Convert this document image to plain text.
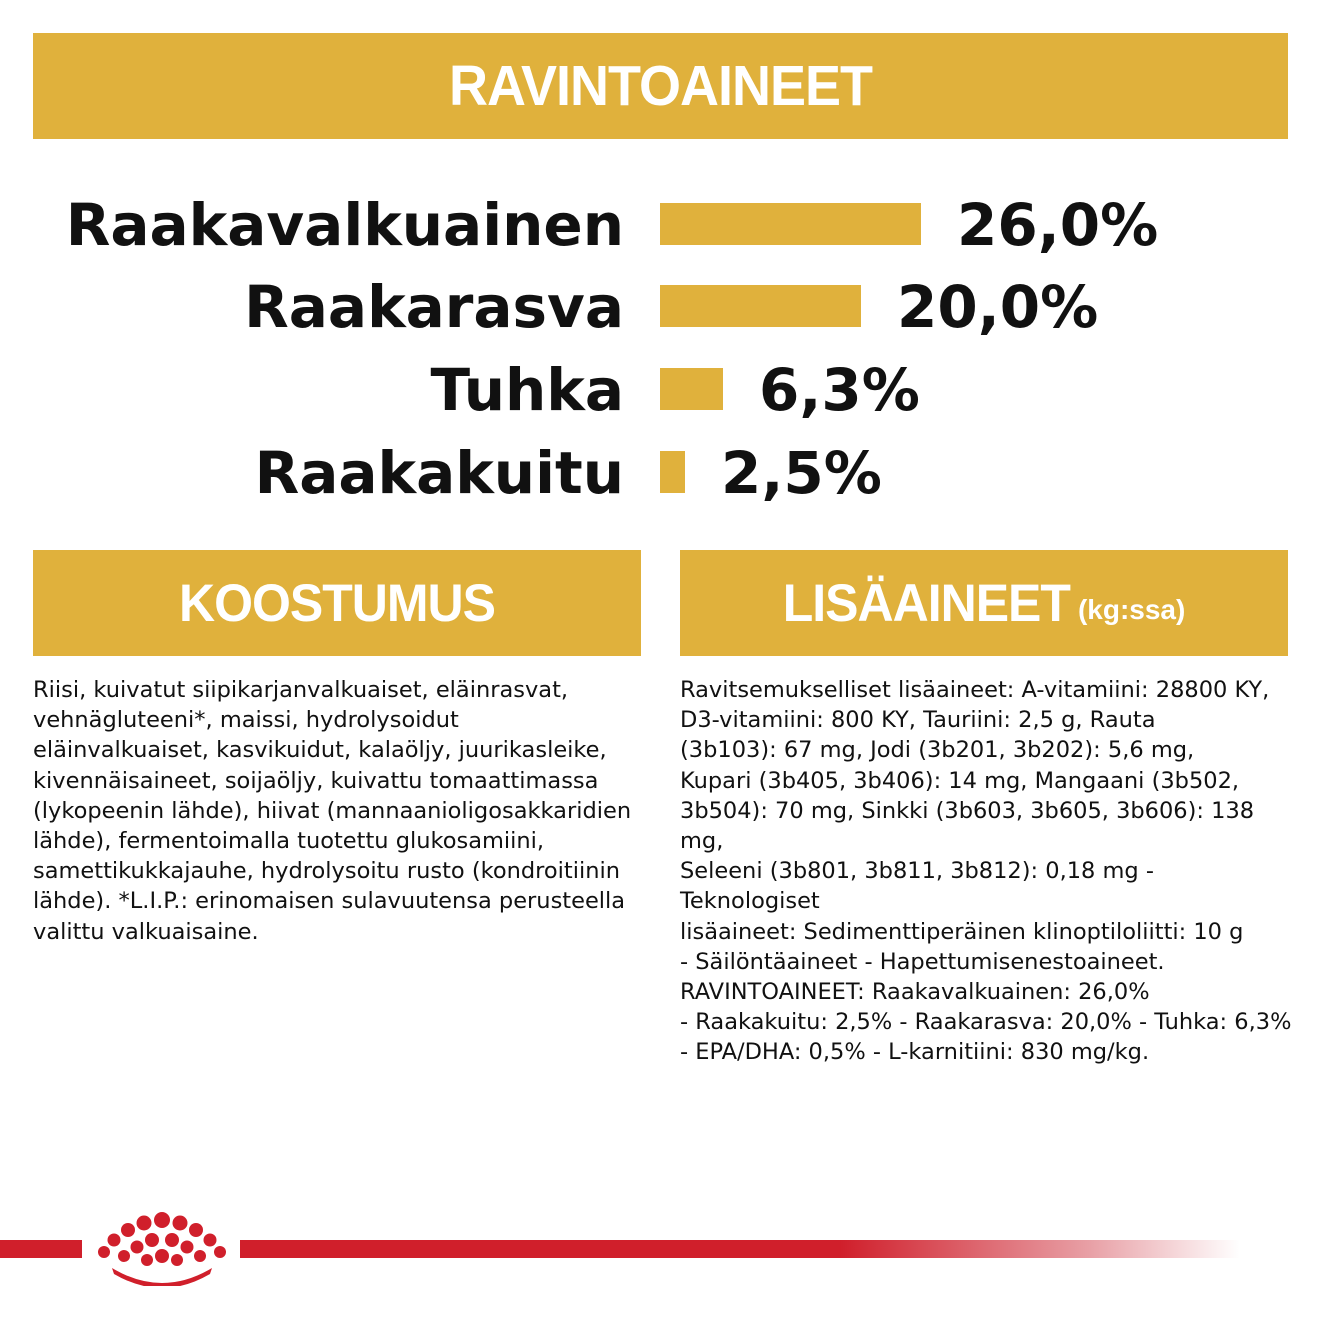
RAVINTOAINEET
Raakavalkuainen	26,0%
Raakarasva	20,0%
Tuhka 6,3%
Raakakuitu 2,5%
KOOSTUMUS	LISÄAINEET (kg:ssa)
Riisi, kuivatut siipikarjanvalkuaiset, eläinrasvat,
vehnägluteeni*, maissi, hydrolysoidut
eläinvalkuaiset, kasvikuidut, kalaöljy, juurikasleike,
kivennäisaineet, soijaöljy, kuivattu tomaattimassa
(lykopeenin lähde), hiivat (mannaanioligosakkaridien
lähde), fermentoimalla tuotettu glukosamiini,
samettikukkajauhe, hydrolysoitu rusto (kondroitiinin
lähde). *L.I.P.: erinomaisen sulavuutensa perusteella
valittu valkuaisaine.
Ravitsemukselliset lisäaineet: A-vitamiini: 28800 KY,
D3-vitamiini: 800 KY, Tauriini: 2,5 g, Rauta
(3b103): 67 mg, Jodi (3b201, 3b202): 5,6 mg,
Kupari (3b405, 3b406): 14 mg, Mangaani (3b502,
3b504): 70 mg, Sinkki (3b603, 3b605, 3b606): 138 mg,
Seleeni (3b801, 3b811, 3b812): 0,18 mg - Teknologiset
lisäaineet: Sedimenttiperäinen klinoptiloliitti: 10 g
- Säilöntäaineet - Hapettumisenestoaineet.
RAVINTOAINEET: Raakavalkuainen: 26,0%
- Raakakuitu: 2,5% - Raakarasva: 20,0% - Tuhka: 6,3%
- EPA/DHA: 0,5% - L-karnitiini: 830 mg/kg.
